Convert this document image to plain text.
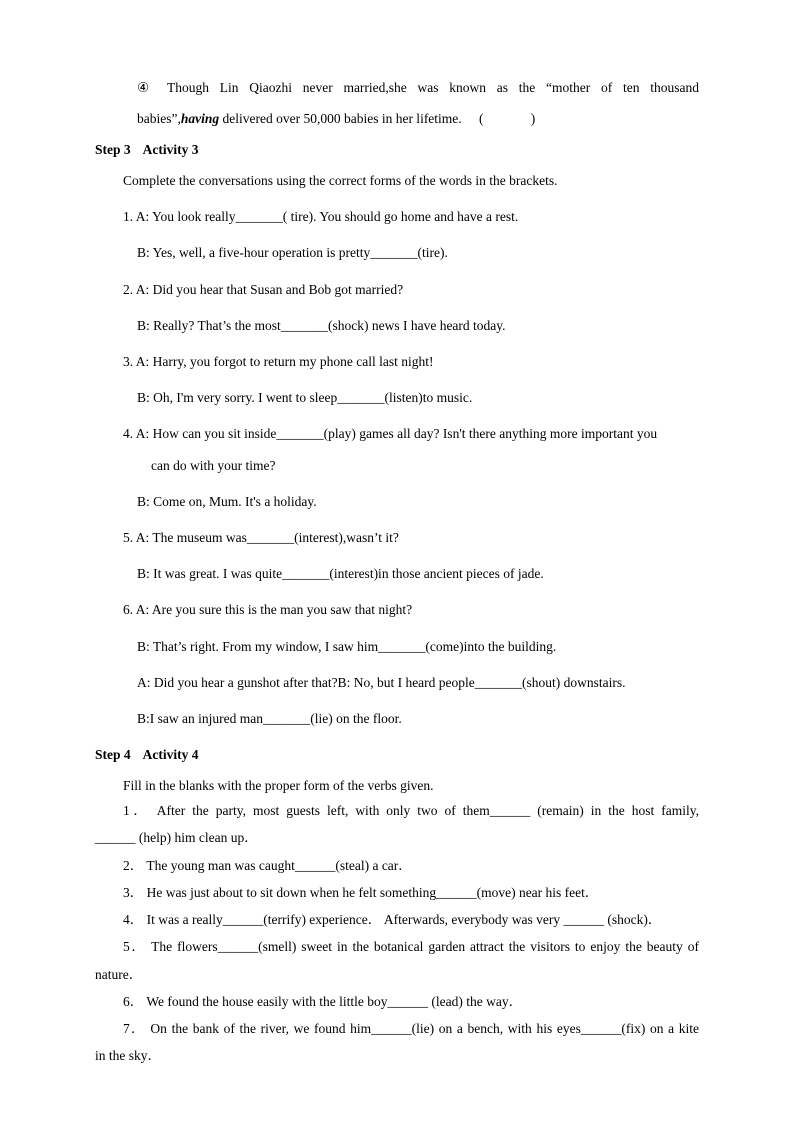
④ Though Lin Qiaozhi never married,she was known as the “mother of ten thousand
babies”,having delivered over 50,000 babies in her lifetime. (              )
Step 3 Activity 3
Complete the conversations using the correct forms of the words in the brackets.
1. A: You look really_______( tire). You should go home and have a rest.
B: Yes, well, a five-hour operation is pretty_______(tire).
2. A: Did you hear that Susan and Bob got married?
B: Really? That’s the most_______(shock) news I have heard today.
3. A: Harry, you forgot to return my phone call last night!
B: Oh, I'm very sorry. I went to sleep_______(listen)to music.
4. A: How can you sit inside_______(play) games all day? Isn't there anything more important you
can do with your time?
B: Come on, Mum. It's a holiday.
5. A: The museum was_______(interest),wasn’t it?
B: It was great. I was quite_______(interest)in those ancient pieces of jade.
6. A: Are you sure this is the man you saw that night?
B: That’s right. From my window, I saw him_______(come)into the building.
A: Did you hear a gunshot after that?B: No, but I heard people_______(shout) downstairs.
B:I saw an injured man_______(lie) on the floor.
Step 4 Activity 4
Fill in the blanks with the proper form of the verbs given.
1． After the party, most guests left, with only two of them______ (remain) in the host family,
______ (help) him clean up．
2． The young man was caught______(steal) a car．
3． He was just about to sit down when he felt something______(move) near his feet．
4． It was a really______(terrify) experience． Afterwards, everybody was very ______ (shock)．
5． The flowers______(smell) sweet in the botanical garden attract the visitors to enjoy the beauty of
nature．
6． We found the house easily with the little boy______ (lead) the way．
7． On the bank of the river, we found him______(lie) on a bench, with his eyes______(fix) on a kite
in the sky．
